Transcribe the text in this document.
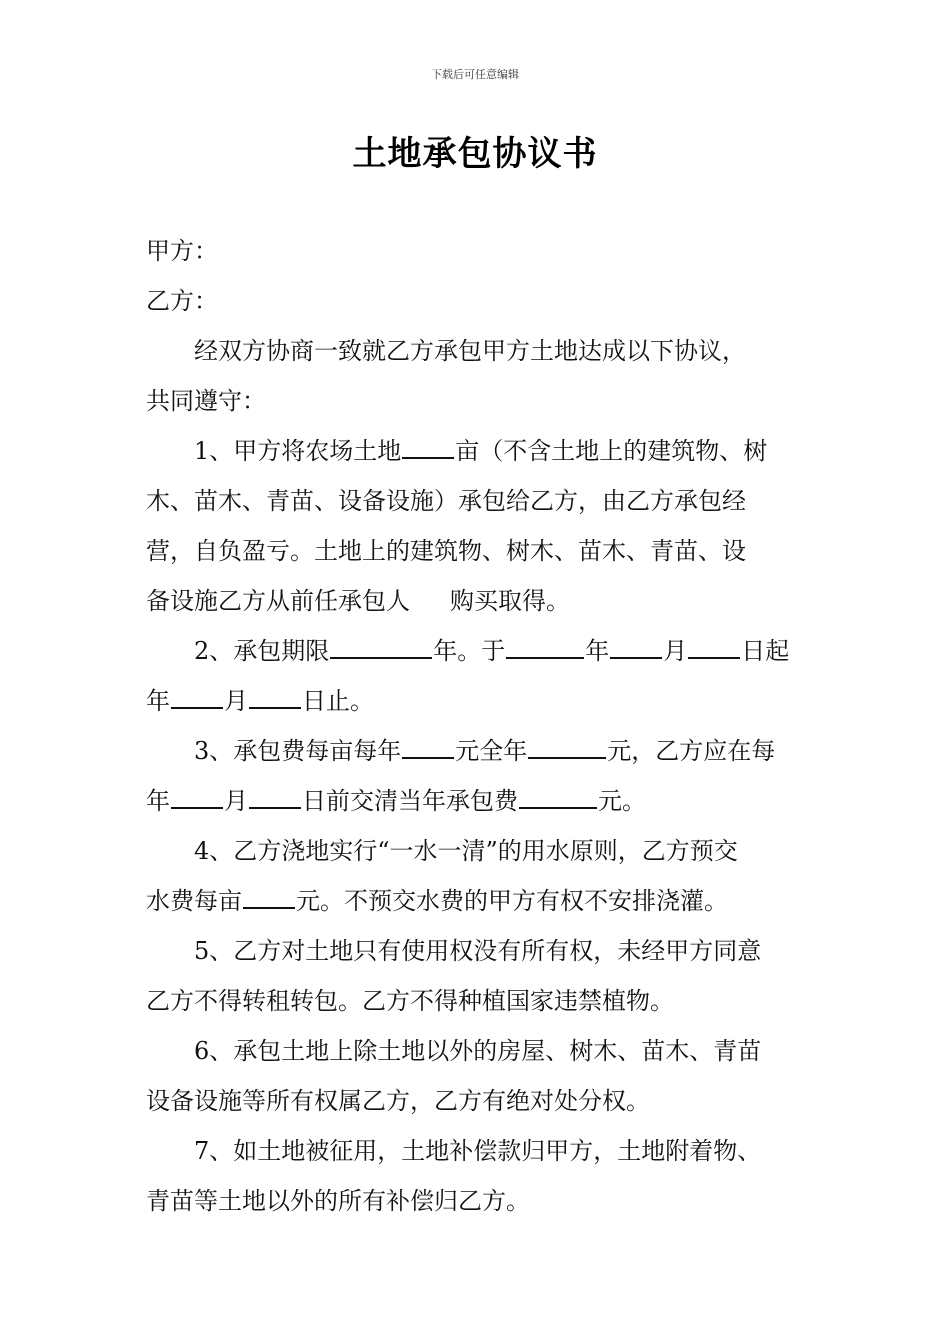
下载后可任意编辑
土地承包协议书
甲方：
乙方：
经双方协商一致就乙方承包甲方土地达成以下协议，
共同遵守：
1、甲方将农场土地 亩（不含土地上的建筑物、树
木、苗木、青苗、设备设施）承包给乙方，由乙方承包经
营，自负盈亏。土地上的建筑物、树木、苗木、青苗、设
备设施乙方从前任承包人 购买取得。
2、承包期限	年。于	年 月 日起
年 月 日止。
3、承包费每亩每年 元全年	元，乙方应在每
年 月 日前交清当年承包费	元。
4、乙方浇地实行“一水一清”的用水原则，乙方预交
水费每亩 元。不预交水费的甲方有权不安排浇灌。
5、乙方对土地只有使用权没有所有权，未经甲方同意
乙方不得转租转包。乙方不得种植国家违禁植物。
6、承包土地上除土地以外的房屋、树木、苗木、青苗
设备设施等所有权属乙方，乙方有绝对处分权。
7、如土地被征用，土地补偿款归甲方，土地附着物、
青苗等土地以外的所有补偿归乙方。
